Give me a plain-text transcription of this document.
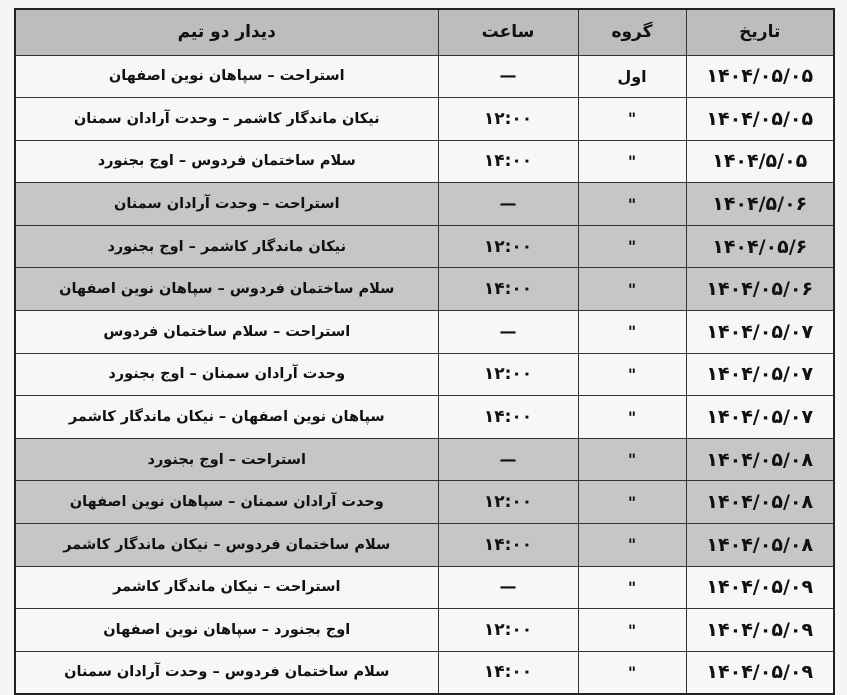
تاریخ	گروه	ساعت	دیدار دو تیم
۱۴۰۴/۰۵/۰۵	اول	—	استراحت – سپاهان نوین اصفهان
۱۴۰۴/۰۵/۰۵	"	۱۲:۰۰	نیکان ماندگار کاشمر – وحدت آرادان سمنان
۱۴۰۴/۵/۰۵	"	۱۴:۰۰	سلام ساختمان فردوس – اوج بجنورد
۱۴۰۴/۵/۰۶	"	—	استراحت – وحدت آرادان سمنان
۱۴۰۴/۰۵/۶	"	۱۲:۰۰	نیکان ماندگار کاشمر – اوج بجنورد
۱۴۰۴/۰۵/۰۶	"	۱۴:۰۰	سلام ساختمان فردوس – سپاهان نوین اصفهان
۱۴۰۴/۰۵/۰۷	"	—	استراحت – سلام ساختمان فردوس
۱۴۰۴/۰۵/۰۷	"	۱۲:۰۰	وحدت آرادان سمنان – اوج بجنورد
۱۴۰۴/۰۵/۰۷	"	۱۴:۰۰	سپاهان نوین اصفهان – نیکان ماندگار کاشمر
۱۴۰۴/۰۵/۰۸	"	—	استراحت – اوج بجنورد
۱۴۰۴/۰۵/۰۸	"	۱۲:۰۰	وحدت آرادان سمنان – سپاهان نوین اصفهان
۱۴۰۴/۰۵/۰۸	"	۱۴:۰۰	سلام ساختمان فردوس – نیکان ماندگار کاشمر
۱۴۰۴/۰۵/۰۹	"	—	استراحت – نیکان ماندگار کاشمر
۱۴۰۴/۰۵/۰۹	"	۱۲:۰۰	اوج بجنورد – سپاهان نوین اصفهان
۱۴۰۴/۰۵/۰۹	"	۱۴:۰۰	سلام ساختمان فردوس – وحدت آرادان سمنان
